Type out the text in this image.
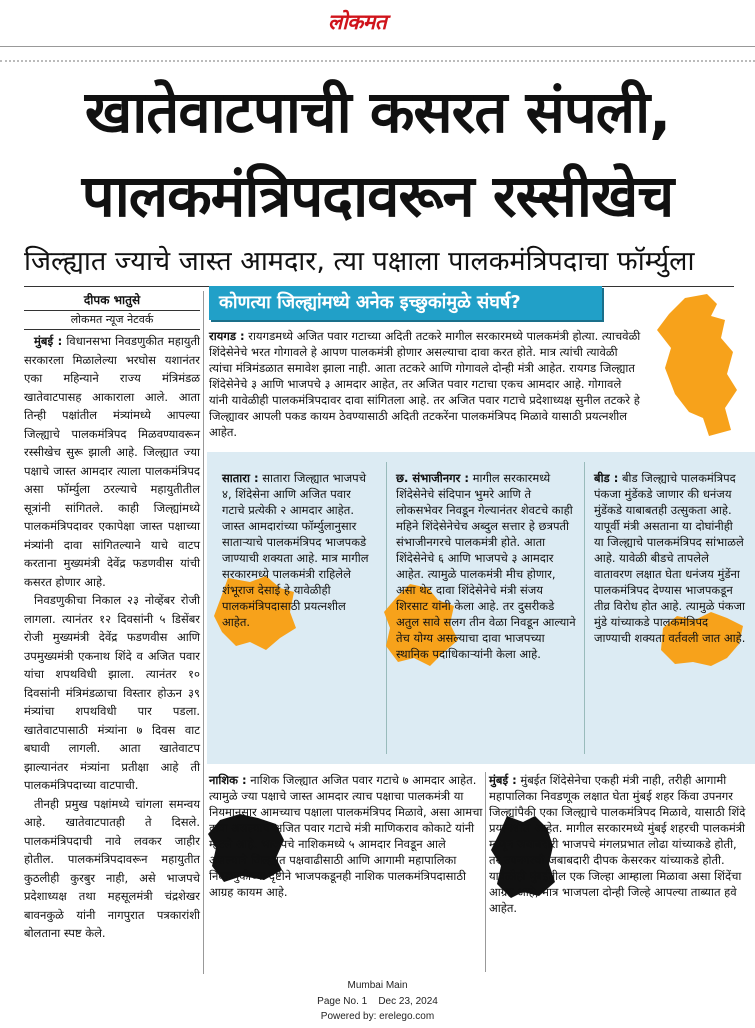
लोकमत
खातेवाटपाची कसरत संपली,
पालकमंत्रिपदावरून रस्सीखेच
जिल्ह्यात ज्याचे जास्त आमदार, त्या पक्षाला पालकमंत्रिपदाचा फॉर्म्युला
दीपक भातुसे
लोकमत न्यूज नेटवर्क

मुंबई : विधानसभा निवडणुकीत महायुती सरकारला मिळालेल्या भरघोस यशानंतर एका महिन्याने राज्य मंत्रिमंडळ खातेवाटपासह आकाराला आले. आता तिन्ही पक्षांतील मंत्र्यांमध्ये आपल्या जिल्ह्याचे पालकमंत्रिपद मिळवण्यावरून रस्सीखेच सुरू झाली आहे. जिल्ह्यात ज्या पक्षाचे जास्त आमदार त्याला पालकमंत्रिपद असा फॉर्म्युला ठरल्याचे महायुतीतील सूत्रांनी सांगितले. काही जिल्ह्यांमध्ये पालकमंत्रिपदावर एकापेक्षा जास्त पक्षाच्या मंत्र्यांनी दावा सांगितल्याने याचे वाटप करताना मुख्यमंत्री देवेंद्र फडणवीस यांची कसरत होणार आहे.

निवडणुकीचा निकाल २३ नोव्हेंबर रोजी लागला. त्यानंतर १२ दिवसांनी ५ डिसेंबर रोजी मुख्यमंत्री देवेंद्र फडणवीस आणि उपमुख्यमंत्री एकनाथ शिंदे व अजित पवार यांचा शपथविधी झाला. त्यानंतर १० दिवसांनी मंत्रिमंडळाचा विस्तार होऊन ३९ मंत्र्यांचा शपथविधी पार पडला. खातेवाटपासाठी मंत्र्यांना ७ दिवस वाट बघावी लागली. आता खातेवाटप झाल्यानंतर मंत्र्यांना प्रतीक्षा आहे ती पालकमंत्रिपदाच्या वाटपाची.

तीनही प्रमुख पक्षांमध्ये चांगला समन्वय आहे. खातेवाटपातही ते दिसले. पालकमंत्रिपदाची नावे लवकर जाहीर होतील. पालकमंत्रिपदावरून महायुतीत कुठलीही कुरबुर नाही, असे भाजपचे प्रदेशाध्यक्ष तथा महसूलमंत्री चंद्रशेखर बावनकुळे यांनी नागपुरात पत्रकारांशी बोलताना स्पष्ट केले.

कोणत्या जिल्ह्यांमध्ये अनेक इच्छुकांमुळे संघर्ष?
रायगड : रायगडमध्ये अजित पवार गटाच्या अदिती तटकरे मागील सरकारमध्ये पालकमंत्री होत्या. त्याचवेळी शिंदेसेनेचे भरत गोगावले हे आपण पालकमंत्री होणार असल्याचा दावा करत होते. मात्र त्यांची त्यावेळी त्यांचा मंत्रिमंडळात समावेश झाला नाही. आता तटकरे आणि गोगावले दोन्ही मंत्री आहेत. रायगड जिल्ह्यात शिंदेसेनेचे ३ आणि भाजपचे ३ आमदार आहेत, तर अजित पवार गटाचा एकच आमदार आहे. गोगावले यांनी यावेळीही पालकमंत्रिपदावर दावा सांगितला आहे. तर अजित पवार गटाचे प्रदेशाध्यक्ष सुनील तटकरे हे जिल्ह्यावर आपली पकड कायम ठेवण्यासाठी अदिती तटकरेंना पालकमंत्रिपद मिळावे यासाठी प्रयत्नशील आहेत.
सातारा : सातारा जिल्ह्यात भाजपचे ४, शिंदेसेना आणि अजित पवार गटाचे प्रत्येकी २ आमदार आहेत. जास्त आमदारांच्या फॉर्म्युलानुसार साताऱ्याचे पालकमंत्रिपद भाजपकडे जाण्याची शक्यता आहे. मात्र मागील सरकारमध्ये पालकमंत्री राहिलेले शंभूराज देसाई हे यावेळीही पालकमंत्रिपदासाठी प्रयत्नशील आहेत.
छ. संभाजीनगर : मागील सरकारमध्ये शिंदेसेनेचे संदिपान भुमरे आणि ते लोकसभेवर निवडून गेल्यानंतर शेवटचे काही महिने शिंदेसेनेचेच अब्दुल सत्तार हे छत्रपती संभाजीनगरचे पालकमंत्री होते. आता शिंदेसेनेचे ६ आणि भाजपचे ३ आमदार आहेत. त्यामुळे पालकमंत्री मीच होणार, असा थेट दावा शिंदेसेनेचे मंत्री संजय शिरसाट यांनी केला आहे. तर दुसरीकडे अतुल सावे सलग तीन वेळा निवडून आल्याने तेच योग्य असल्याचा दावा भाजपच्या स्थानिक पदाधिकाऱ्यांनी केला आहे.
बीड : बीड जिल्ह्याचे पालकमंत्रिपद पंकजा मुंडेंकडे जाणार की धनंजय मुंडेंकडे याबाबतही उत्सुकता आहे. यापूर्वी मंत्री असताना या दोघांनीही या जिल्ह्याचे पालकमंत्रिपद सांभाळले आहे. यावेळी बीडचे तापलेले वातावरण लक्षात घेता धनंजय मुंडेंना पालकमंत्रिपद देण्यास भाजपकडून तीव्र विरोध होत आहे. त्यामुळे पंकजा मुंडे यांच्याकडे पालकमंत्रिपद जाण्याची शक्यता वर्तवली जात आहे.
नाशिक : नाशिक जिल्ह्यात अजित पवार गटाचे ७ आमदार आहेत. त्यामुळे ज्या पक्षाचे जास्त आमदार त्याच पक्षाचा पालकमंत्री या नियमानुसार आमच्याच पक्षाला पालकमंत्रिपद मिळावे, असा आमचा दावा असल्याचे अजित पवार गटाचे मंत्री माणिकराव कोकाटे यांनी म्हटले आहे. भाजपचे नाशिकमध्ये ५ आमदार निवडून आले असल्याने जिल्ह्यात पक्षवाढीसाठी आणि आगामी महापालिका निवडणुकीच्या दृष्टीने भाजपकडूनही नाशिक पालकमंत्रिपदासाठी आग्रह कायम आहे.
मुंबई : मुंबईत शिंदेसेनेचा एकही मंत्री नाही, तरीही आगामी महापालिका निवडणूक लक्षात घेता मुंबई शहर किंवा उपनगर जिल्ह्यांपैकी एका जिल्ह्याचे पालकमंत्रिपद मिळावे, यासाठी शिंदे प्रयत्नशील आहेत. मागील सरकारमध्ये मुंबई शहरची पालकमंत्री म्हणून जबाबदारी भाजपचे मंगलप्रभात लोढा यांच्याकडे होती, तर उपनगरची जबाबदारी दीपक केसरकर यांच्याकडे होती. यावेळीही मुंबईतील एक जिल्हा आम्हाला मिळावा असा शिंदेंचा आग्रह आहे, मात्र भाजपला दोन्ही जिल्हे आपल्या ताब्यात हवे आहेत.
Mumbai Main
Page No. 1 Dec 23, 2024
Powered by: erelego.com
